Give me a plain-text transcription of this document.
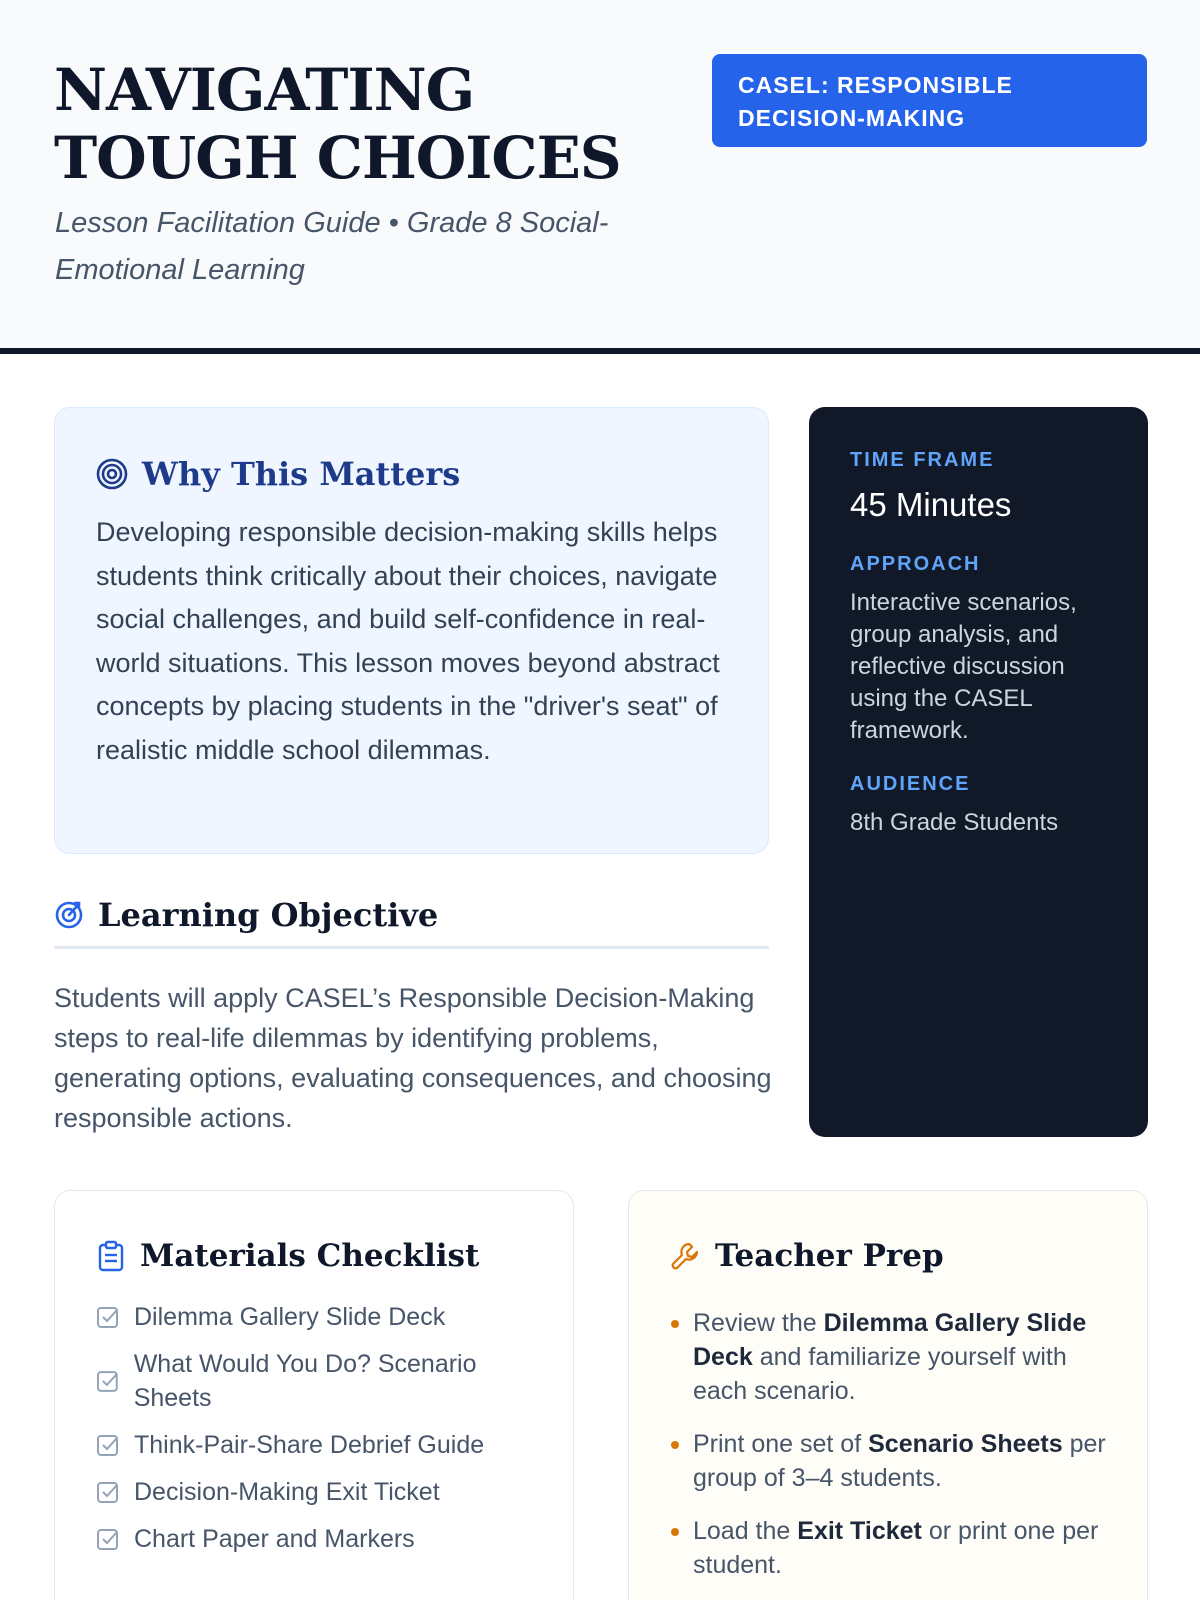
NAVIGATING TOUGH CHOICES
Lesson Facilitation Guide • Grade 8 Social-Emotional Learning
CASEL: RESPONSIBLE DECISION-MAKING
Why This Matters

Developing responsible decision-making skills helps students think critically about their choices, navigate social challenges, and build self-confidence in real-world situations. This lesson moves beyond abstract concepts by placing students in the "driver's seat" of realistic middle school dilemmas.

Learning Objective

Students will apply CASEL’s Responsible Decision-Making steps to real-life dilemmas by identifying problems, generating options, evaluating consequences, and choosing responsible actions.

TIME FRAME
45 Minutes
APPROACH
Interactive scenarios, group analysis, and reflective discussion using the CASEL framework.
AUDIENCE
8th Grade Students
Materials Checklist
Dilemma Gallery Slide Deck
What Would You Do? Scenario Sheets
Think-Pair-Share Debrief Guide
Decision-Making Exit Ticket
Chart Paper and Markers
Teacher Prep
Review the Dilemma Gallery Slide Deck and familiarize yourself with each scenario.
Print one set of Scenario Sheets per group of 3–4 students.
Load the Exit Ticket or print one per student.
